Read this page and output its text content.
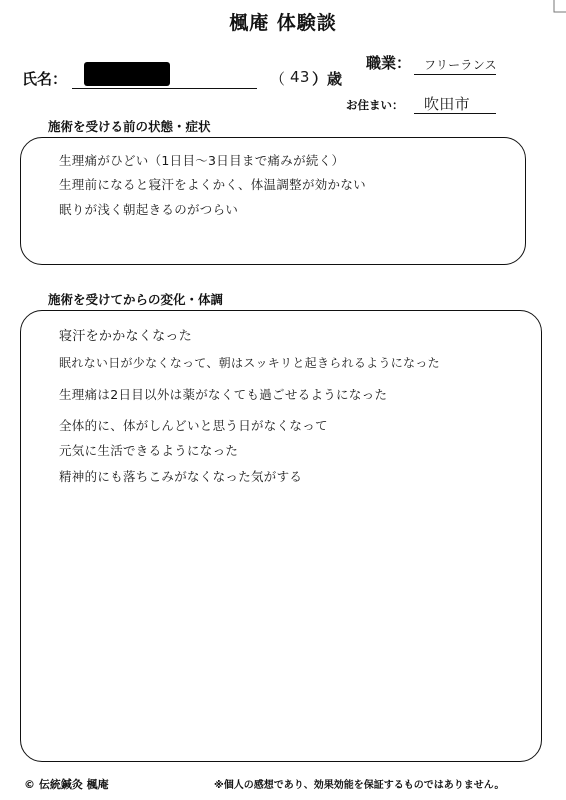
楓庵 体験談
氏名：	（ 43 ）歳
職業： フリーランス
お住まい： 吹田市
施術を受ける前の状態・症状
生理痛がひどい（1日目～3日目まで痛みが続く）
生理前になると寝汗をよくかく、体温調整が効かない
眠りが浅く朝起きるのがつらい
施術を受けてからの変化・体調
寝汗をかかなくなった
眠れない日が少なくなって、朝はスッキリと起きられるようになった
生理痛は2日目以外は薬がなくても過ごせるようになった
全体的に、体がしんどいと思う日がなくなって
元気に生活できるようになった
精神的にも落ちこみがなくなった気がする
© 伝統鍼灸 楓庵	※個人の感想であり、効果効能を保証するものではありません。
